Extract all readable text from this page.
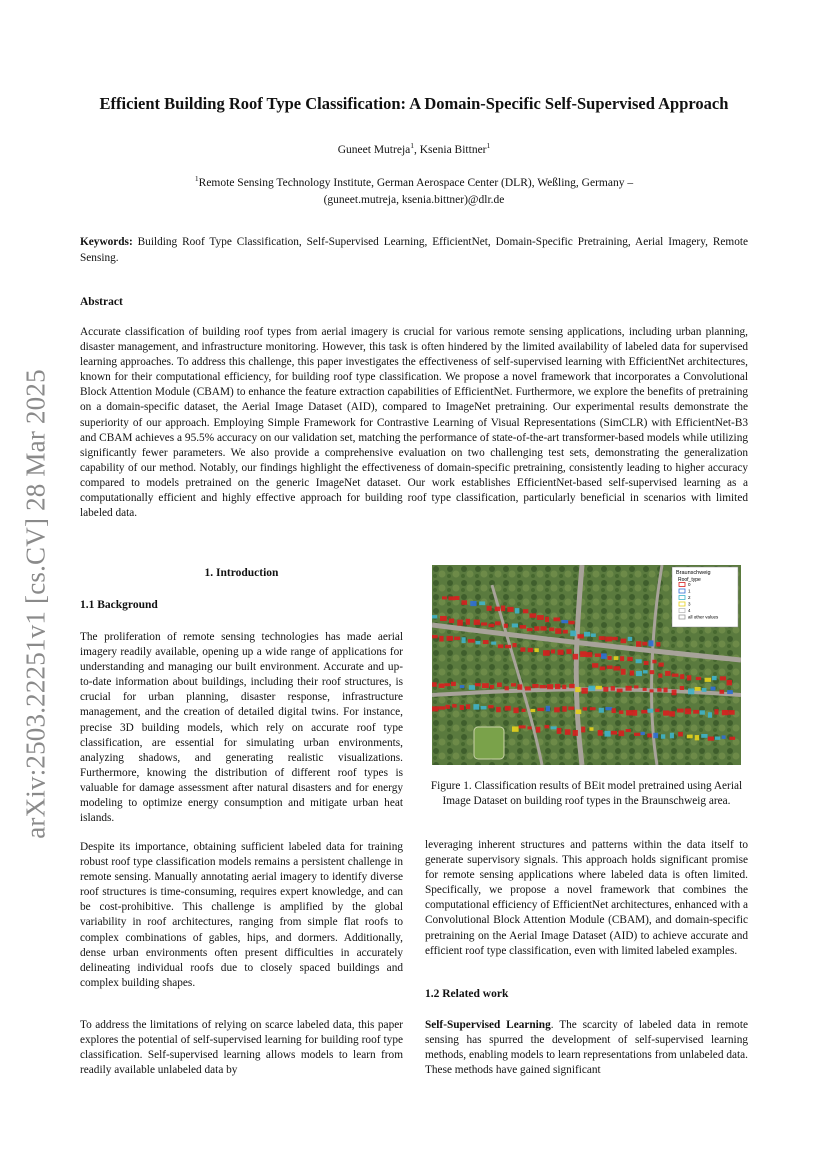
arXiv:2503.22251v1 [cs.CV] 28 Mar 2025
Efficient Building Roof Type Classification: A Domain-Specific Self-Supervised Approach
Guneet Mutreja$^1$, Ksenia Bittner$^1$
$^1$Remote Sensing Technology Institute, German Aerospace Center (DLR), Weßling, Germany –
(guneet.mutreja, ksenia.bittner)@dlr.de
Keywords: Building Roof Type Classification, Self-Supervised Learning, EfficientNet, Domain-Specific Pretraining, Aerial Imagery, Remote Sensing.
Abstract

Accurate classification of building roof types from aerial imagery is crucial for various remote sensing applications, including urban planning, disaster management, and infrastructure monitoring. However, this task is often hindered by the limited availability of labeled data for supervised learning approaches. To address this challenge, this paper investigates the effectiveness of self-supervised learning with EfficientNet architectures, known for their computational efficiency, for building roof type classification. We propose a novel framework that incorporates a Convolutional Block Attention Module (CBAM) to enhance the feature extraction capabilities of EfficientNet. Furthermore, we explore the benefits of pretraining on a domain-specific dataset, the Aerial Image Dataset (AID), compared to ImageNet pretraining. Our experimental results demonstrate the superiority of our approach. Employing Simple Framework for Contrastive Learning of Visual Representations (SimCLR) with EfficientNet-B3 and CBAM achieves a 95.5% accuracy on our validation set, matching the performance of state-of-the-art transformer-based models while utilizing significantly fewer parameters. We also provide a comprehensive evaluation on two challenging test sets, demonstrating the generalization capability of our method. Notably, our findings highlight the effectiveness of domain-specific pretraining, consistently leading to higher accuracy compared to models pretrained on the generic ImageNet dataset. Our work establishes EfficientNet-based self-supervised learning as a computationally efficient and highly effective approach for building roof type classification, particularly beneficial in scenarios with limited labeled data.

1. Introduction
1.1 Background

The proliferation of remote sensing technologies has made aerial imagery readily available, opening up a wide range of applications for understanding and managing our built environment. Accurate and up-to-date information about buildings, including their roof structures, is crucial for urban planning, disaster response, infrastructure management, and the creation of detailed digital twins. For instance, precise 3D building models, which rely on accurate roof type classification, are essential for simulating urban environments, analyzing shadows, and generating realistic visualizations. Furthermore, knowing the distribution of different roof types is valuable for damage assessment after natural disasters and for energy modeling to optimize energy consumption and mitigate urban heat islands.

Despite its importance, obtaining sufficient labeled data for training robust roof type classification models remains a persistent challenge in remote sensing. Manually annotating aerial imagery to identify diverse roof structures is time-consuming, requires expert knowledge, and can be cost-prohibitive. This challenge is amplified by the global variability in roof architectures, ranging from simple flat roofs to complex combinations of gables, hips, and dormers. Additionally, dense urban environments often present difficulties in accurately delineating individual roofs due to closely spaced buildings and complex building shapes.

To address the limitations of relying on scarce labeled data, this paper explores the potential of self-supervised learning for building roof type classification. Self-supervised learning allows models to learn from readily available unlabeled data by

Braunschweig
Roof_type
0
1
2
3
4
all other values
Figure 1. Classification results of BEit model pretrained using Aerial Image Dataset on building roof types in the Braunschweig area.

leveraging inherent structures and patterns within the data itself to generate supervisory signals. This approach holds significant promise for remote sensing applications where labeled data is often limited. Specifically, we propose a novel framework that combines the computational efficiency of EfficientNet architectures, enhanced with a Convolutional Block Attention Module (CBAM), and domain-specific pretraining on the Aerial Image Dataset (AID) to achieve accurate and efficient roof type classification, even with limited labeled examples.

1.2 Related work

Self-Supervised Learning. The scarcity of labeled data in remote sensing has spurred the development of self-supervised learning methods, enabling models to learn representations from unlabeled data. These methods have gained significant
